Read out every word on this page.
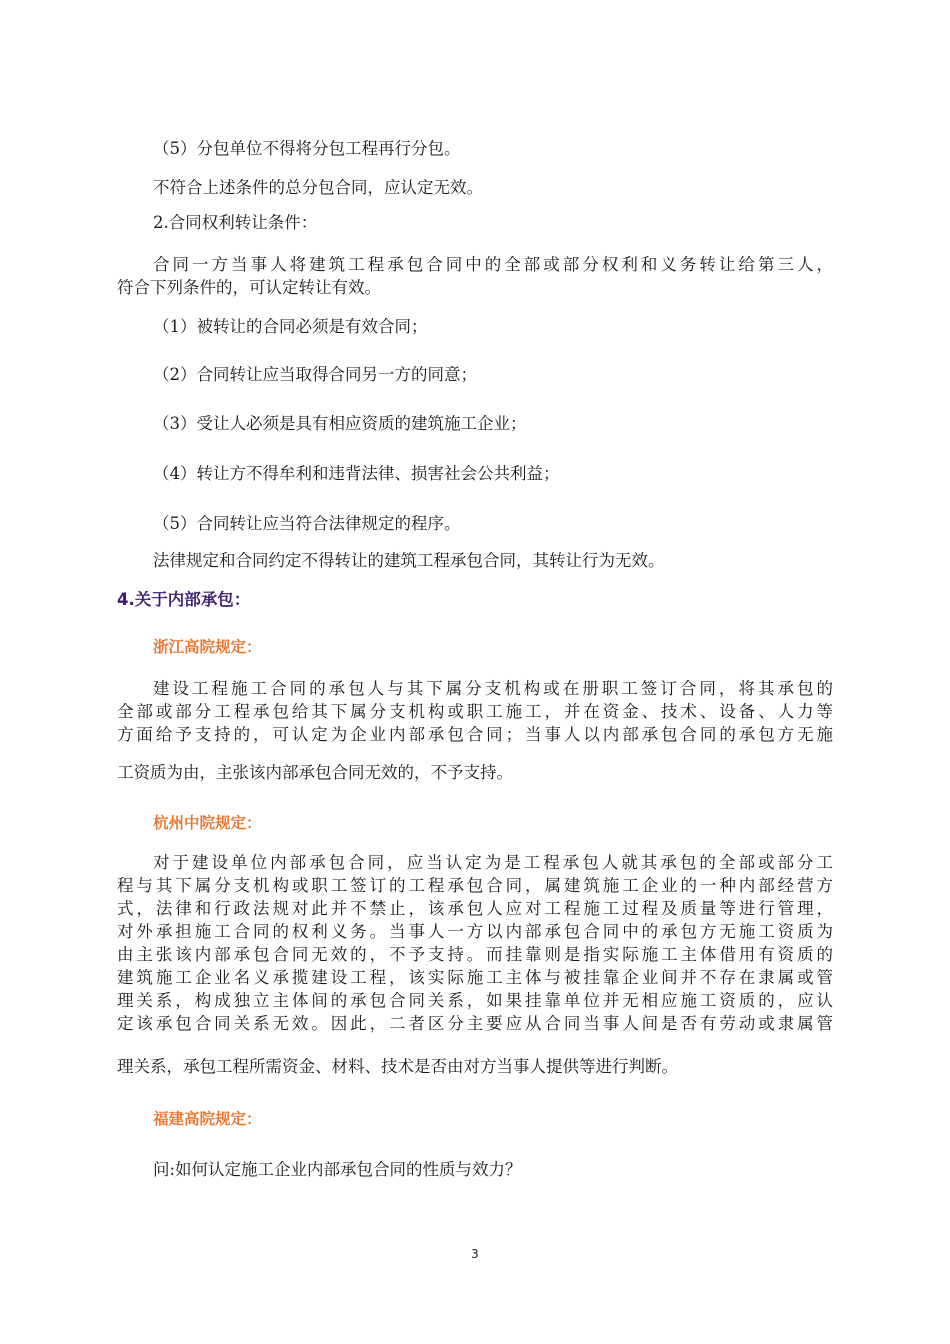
（5）分包单位不得将分包工程再行分包。
不符合上述条件的总分包合同，应认定无效。
2.合同权利转让条件：
合同一方当事人将建筑工程承包合同中的全部或部分权利和义务转让给第三人，
符合下列条件的，可认定转让有效。
（1）被转让的合同必须是有效合同；
（2）合同转让应当取得合同另一方的同意；
（3）受让人必须是具有相应资质的建筑施工企业；
（4）转让方不得牟利和违背法律、损害社会公共利益；
（5）合同转让应当符合法律规定的程序。
法律规定和合同约定不得转让的建筑工程承包合同，其转让行为无效。
4.关于内部承包：
浙江高院规定：
建设工程施工合同的承包人与其下属分支机构或在册职工签订合同，将其承包的
全部或部分工程承包给其下属分支机构或职工施工，并在资金、技术、设备、人力等
方面给予支持的，可认定为企业内部承包合同；当事人以内部承包合同的承包方无施
工资质为由，主张该内部承包合同无效的，不予支持。
杭州中院规定：
对于建设单位内部承包合同，应当认定为是工程承包人就其承包的全部或部分工
程与其下属分支机构或职工签订的工程承包合同，属建筑施工企业的一种内部经营方
式，法律和行政法规对此并不禁止，该承包人应对工程施工过程及质量等进行管理，
对外承担施工合同的权利义务。当事人一方以内部承包合同中的承包方无施工资质为
由主张该内部承包合同无效的，不予支持。而挂靠则是指实际施工主体借用有资质的
建筑施工企业名义承揽建设工程，该实际施工主体与被挂靠企业间并不存在隶属或管
理关系，构成独立主体间的承包合同关系，如果挂靠单位并无相应施工资质的，应认
定该承包合同关系无效。因此，二者区分主要应从合同当事人间是否有劳动或隶属管
理关系，承包工程所需资金、材料、技术是否由对方当事人提供等进行判断。
福建高院规定：
问:如何认定施工企业内部承包合同的性质与效力？
3
